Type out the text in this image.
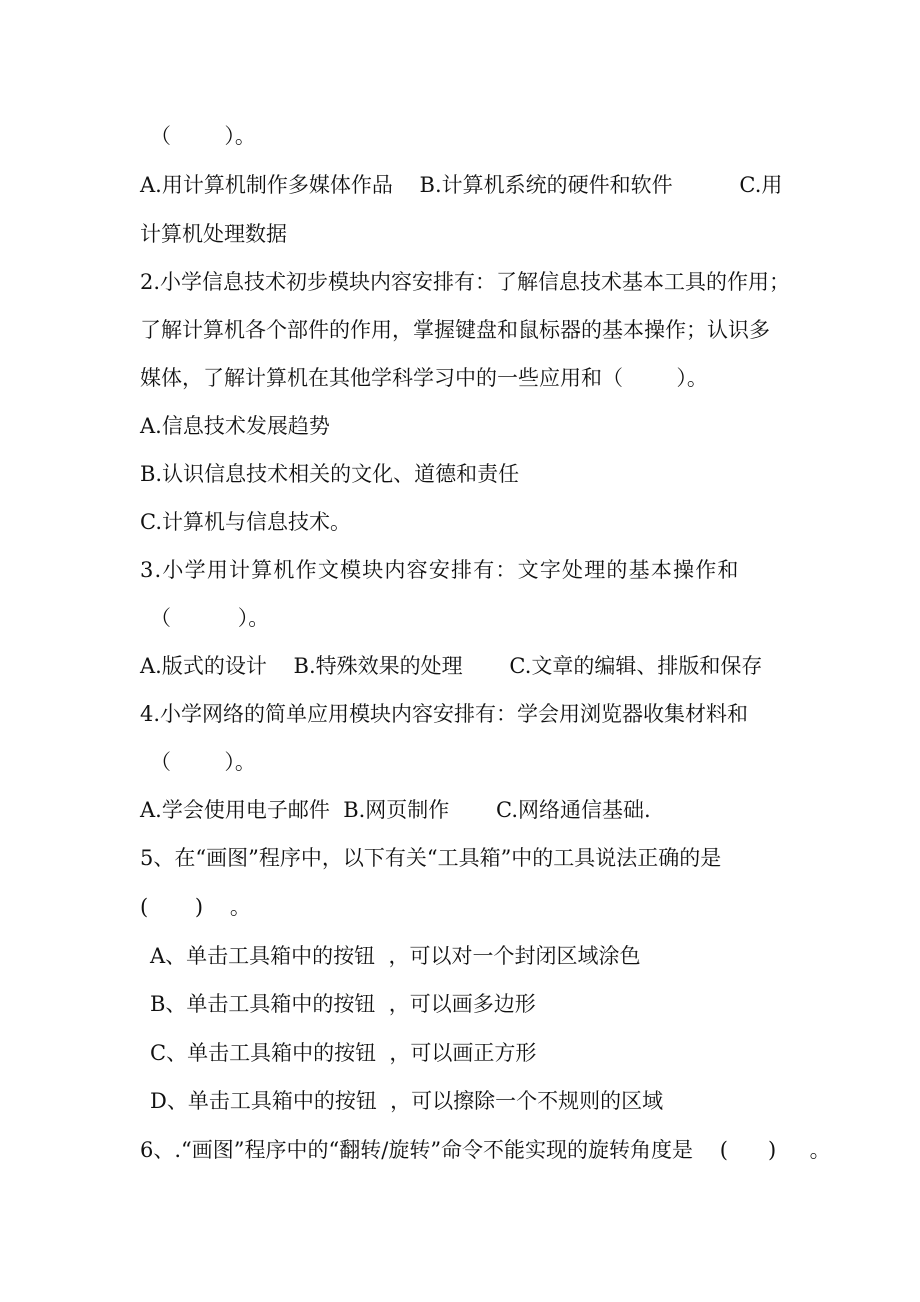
（        ）。
A.用计算机制作多媒体作品    B.计算机系统的硬件和软件          C.用
计算机处理数据
2.小学信息技术初步模块内容安排有：了解信息技术基本工具的作用；
了解计算机各个部件的作用，掌握键盘和鼠标器的基本操作；认识多
媒体，了解计算机在其他学科学习中的一些应用和（        ）。
A.信息技术发展趋势
B.认识信息技术相关的文化、道德和责任
C.计算机与信息技术。
3.小学用计算机作文模块内容安排有：文字处理的基本操作和
（          ）。
A.版式的设计    B.特殊效果的处理       C.文章的编辑、排版和保存
4.小学网络的简单应用模块内容安排有：学会用浏览器收集材料和
（        ）。
A.学会使用电子邮件  B.网页制作       C.网络通信基础.
5、在“画图”程序中，以下有关“工具箱”中的工具说法正确的是
(       )    。
A、单击工具箱中的按钮  ，可以对一个封闭区域涂色
B、单击工具箱中的按钮  ，可以画多边形
C、单击工具箱中的按钮  ，可以画正方形
D、单击工具箱中的按钮  ，可以擦除一个不规则的区域
6、.“画图”程序中的“翻转/旋转”命令不能实现的旋转角度是    (      )     。
